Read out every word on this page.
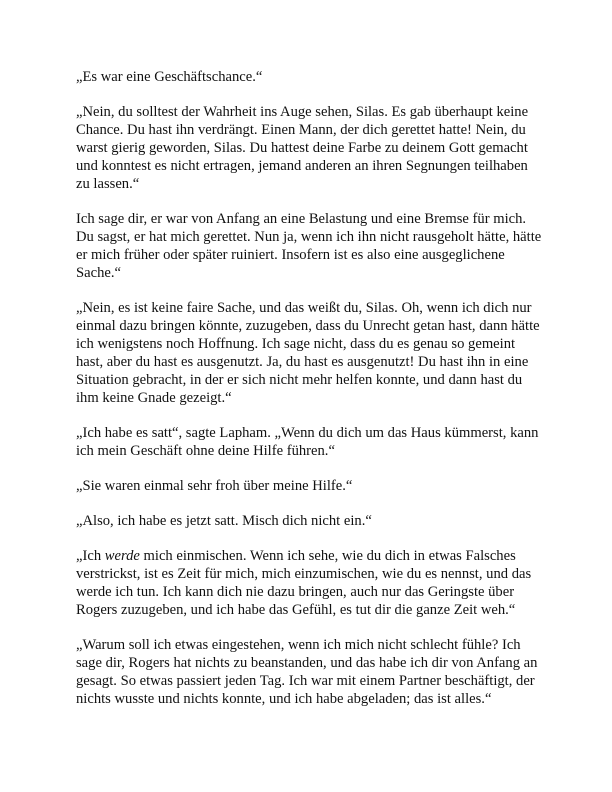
„Es war eine Geschäftschance.“

„Nein, du solltest der Wahrheit ins Auge sehen, Silas. Es gab überhaupt keine Chance. Du hast ihn verdrängt. Einen Mann, der dich gerettet hatte! Nein, du warst gierig geworden, Silas. Du hattest deine Farbe zu deinem Gott gemacht und konntest es nicht ertragen, jemand anderen an ihren Segnungen teilhaben zu lassen.“

Ich sage dir, er war von Anfang an eine Belastung und eine Bremse für mich. Du sagst, er hat mich gerettet. Nun ja, wenn ich ihn nicht rausgeholt hätte, hätte er mich früher oder später ruiniert. Insofern ist es also eine ausgeglichene Sache.“

„Nein, es ist keine faire Sache, und das weißt du, Silas. Oh, wenn ich dich nur einmal dazu bringen könnte, zuzugeben, dass du Unrecht getan hast, dann hätte ich wenigstens noch Hoffnung. Ich sage nicht, dass du es genau so gemeint hast, aber du hast es ausgenutzt. Ja, du hast es ausgenutzt! Du hast ihn in eine Situation gebracht, in der er sich nicht mehr helfen konnte, und dann hast du ihm keine Gnade gezeigt.“

„Ich habe es satt“, sagte Lapham. „Wenn du dich um das Haus kümmerst, kann ich mein Geschäft ohne deine Hilfe führen.“

„Sie waren einmal sehr froh über meine Hilfe.“

„Also, ich habe es jetzt satt. Misch dich nicht ein.“

„Ich werde mich einmischen. Wenn ich sehe, wie du dich in etwas Falsches verstrickst, ist es Zeit für mich, mich einzumischen, wie du es nennst, und das werde ich tun. Ich kann dich nie dazu bringen, auch nur das Geringste über Rogers zuzugeben, und ich habe das Gefühl, es tut dir die ganze Zeit weh.“

„Warum soll ich etwas eingestehen, wenn ich mich nicht schlecht fühle? Ich sage dir, Rogers hat nichts zu beanstanden, und das habe ich dir von Anfang an gesagt. So etwas passiert jeden Tag. Ich war mit einem Partner beschäftigt, der nichts wusste und nichts konnte, und ich habe abgeladen; das ist alles.“
